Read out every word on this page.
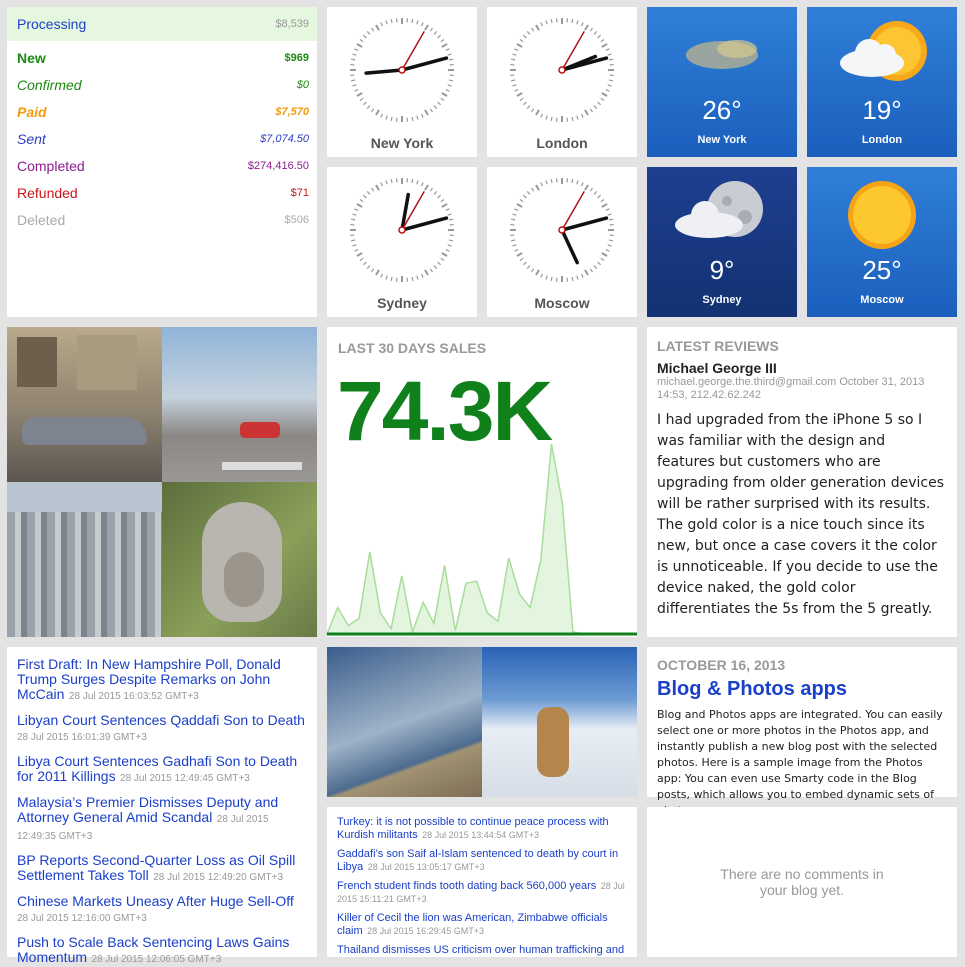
Processing	$8,539
New	$969
Confirmed	$0
Paid	$7,570
Sent	$7,074.50
Completed	$274,416.50
Refunded	$71
Deleted	$506
New York	London
Sydney	Moscow
26°
New York
19°
London
9°
Sydney
25°
Moscow
LAST 30 DAYS SALES
74.3K
LATEST REVIEWS
Michael George III
michael.george.the.third@gmail.com October 31, 2013 14:53, 212.42.62.242
I had upgraded from the iPhone 5 so I was familiar with the design and features but customers who are upgrading from older generation devices will be rather surprised with its results. The gold color is a nice touch since its new, but once a case covers it the color is unnoticeable. If you decide to use the device naked, the gold color differentiates the 5s from the 5 greatly.
First Draft: In New Hampshire Poll, Donald Trump Surges Despite Remarks on John McCain 28 Jul 2015 16:03:52 GMT+3
Libyan Court Sentences Qaddafi Son to Death 28 Jul 2015 16:01:39 GMT+3
Libya Court Sentences Gadhafi Son to Death for 2011 Killings 28 Jul 2015 12:49:45 GMT+3
Malaysia’s Premier Dismisses Deputy and Attorney General Amid Scandal 28 Jul 2015 12:49:35 GMT+3
BP Reports Second-Quarter Loss as Oil Spill Settlement Takes Toll 28 Jul 2015 12:49:20 GMT+3
Chinese Markets Uneasy After Huge Sell-Off 28 Jul 2015 12:16:00 GMT+3
Push to Scale Back Sentencing Laws Gains Momentum 28 Jul 2015 12:06:05 GMT+3
OCTOBER 16, 2013
Blog & Photos apps
Blog and Photos apps are integrated. You can easily select one or more photos in the Photos app, and instantly publish a new blog post with the selected photos. Here is a sample image from the Photos app: You can even use Smarty code in the Blog posts, which allows you to embed dynamic sets of
Turkey: it is not possible to continue peace process with Kurdish militants 28 Jul 2015 13:44:54 GMT+3
Gaddafi’s son Saif al-Islam sentenced to death by court in Libya 28 Jul 2015 13:05:17 GMT+3
French student finds tooth dating back 560,000 years 28 Jul 2015 15:11:21 GMT+3
Killer of Cecil the lion was American, Zimbabwe officials claim 28 Jul 2015 16:29:45 GMT+3
Thailand dismisses US criticism over human trafficking and
There are no comments in your blog yet.
